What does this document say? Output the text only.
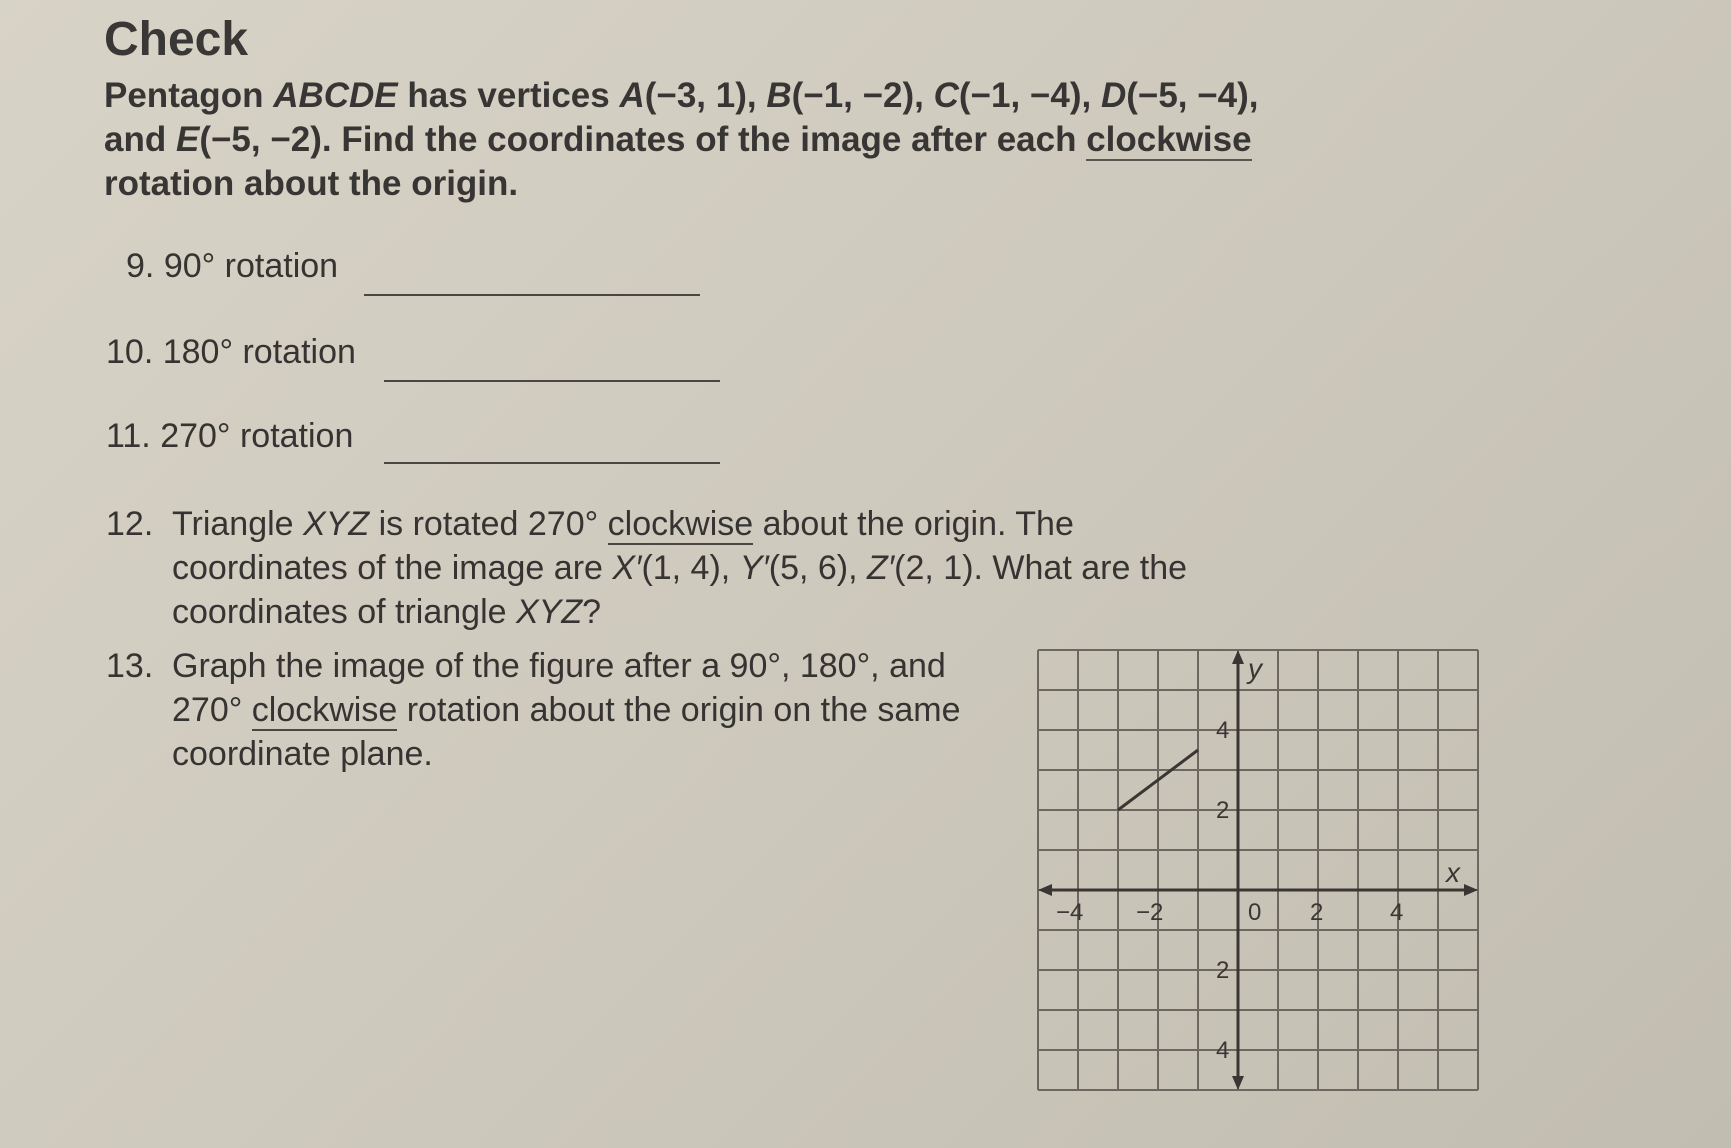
Check
Pentagon ABCDE has vertices A(−3, 1), B(−1, −2), C(−1, −4), D(−5, −4),
and E(−5, −2). Find the coordinates of the image after each clockwise
rotation about the origin.
9. 90° rotation
10. 180° rotation
11. 270° rotation
12. Triangle XYZ is rotated 270° clockwise about the origin. The
coordinates of the image are X′(1, 4), Y′(5, 6), Z′(2, 1). What are the
coordinates of triangle XYZ?
13. Graph the image of the figure after a 90°, 180°, and
270° clockwise rotation about the origin on the same
coordinate plane.
x
y
0
−4 −2	2	4
4
2
2
4
